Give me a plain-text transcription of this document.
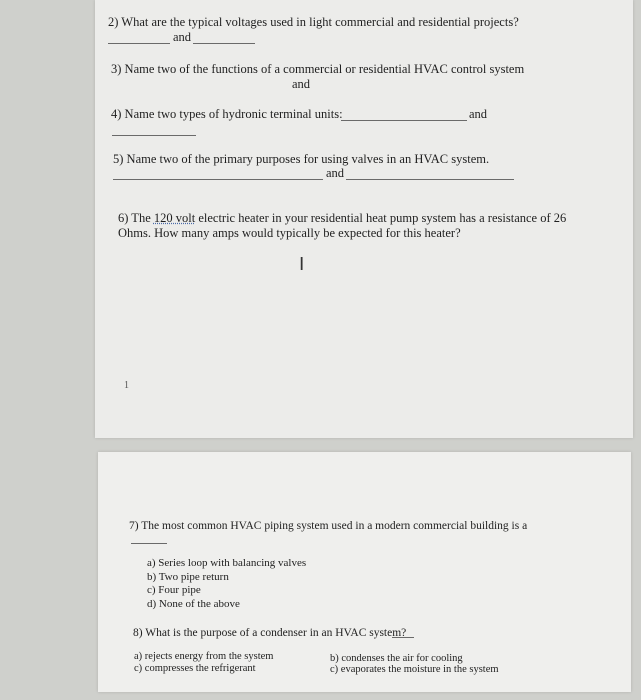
2) What are the typical voltages used in light commercial and residential projects?
and
3) Name two of the functions of a commercial or residential HVAC control system
and
4) Name two types of hydronic terminal units:	and
5) Name two of the primary purposes for using valves in an HVAC system.
and
6) The 120 volt electric heater in your residential heat pump system has a resistance of 26
Ohms. How many amps would typically be expected for this heater?
I
1
7) The most common HVAC piping system used in a modern commercial building is a
a) Series loop with balancing valves
b) Two pipe return
c) Four pipe
d) None of the above
8) What is the purpose of a condenser in an HVAC system?
a) rejects energy from the system	b) condenses the air for cooling
c) compresses the refrigerant	c) evaporates the moisture in the system
